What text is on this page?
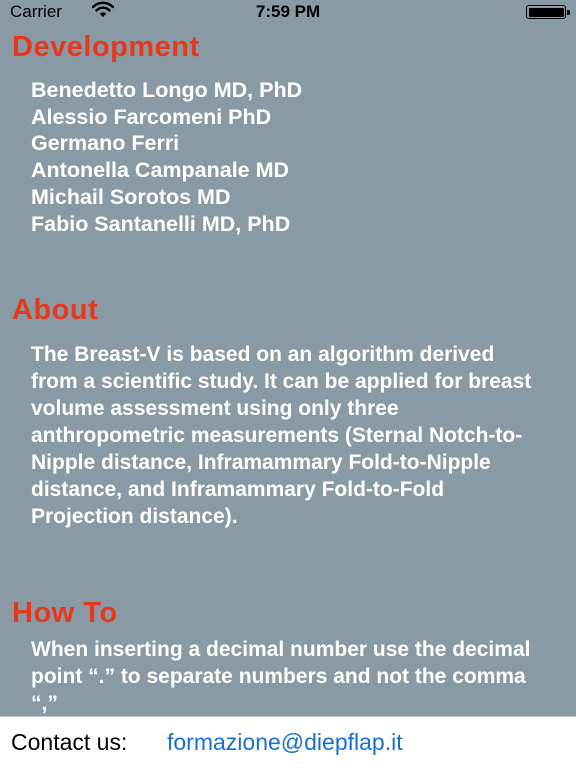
Carrier	7:59 PM
Development
Benedetto Longo MD, PhD
Alessio Farcomeni PhD
Germano Ferri
Antonella Campanale MD
Michail Sorotos MD
Fabio Santanelli MD, PhD
About

The Breast-V is based on an algorithm derived from a scientific study. It can be applied for breast volume assessment using only three anthropometric measurements (Sternal Notch-to-Nipple distance, Inframammary Fold-to-Nipple distance, and Inframammary Fold-to-Fold Projection distance).

How To

When inserting a decimal number use the decimal point “.” to separate numbers and not the comma “,”

Contact us: formazione@diepflap.it
